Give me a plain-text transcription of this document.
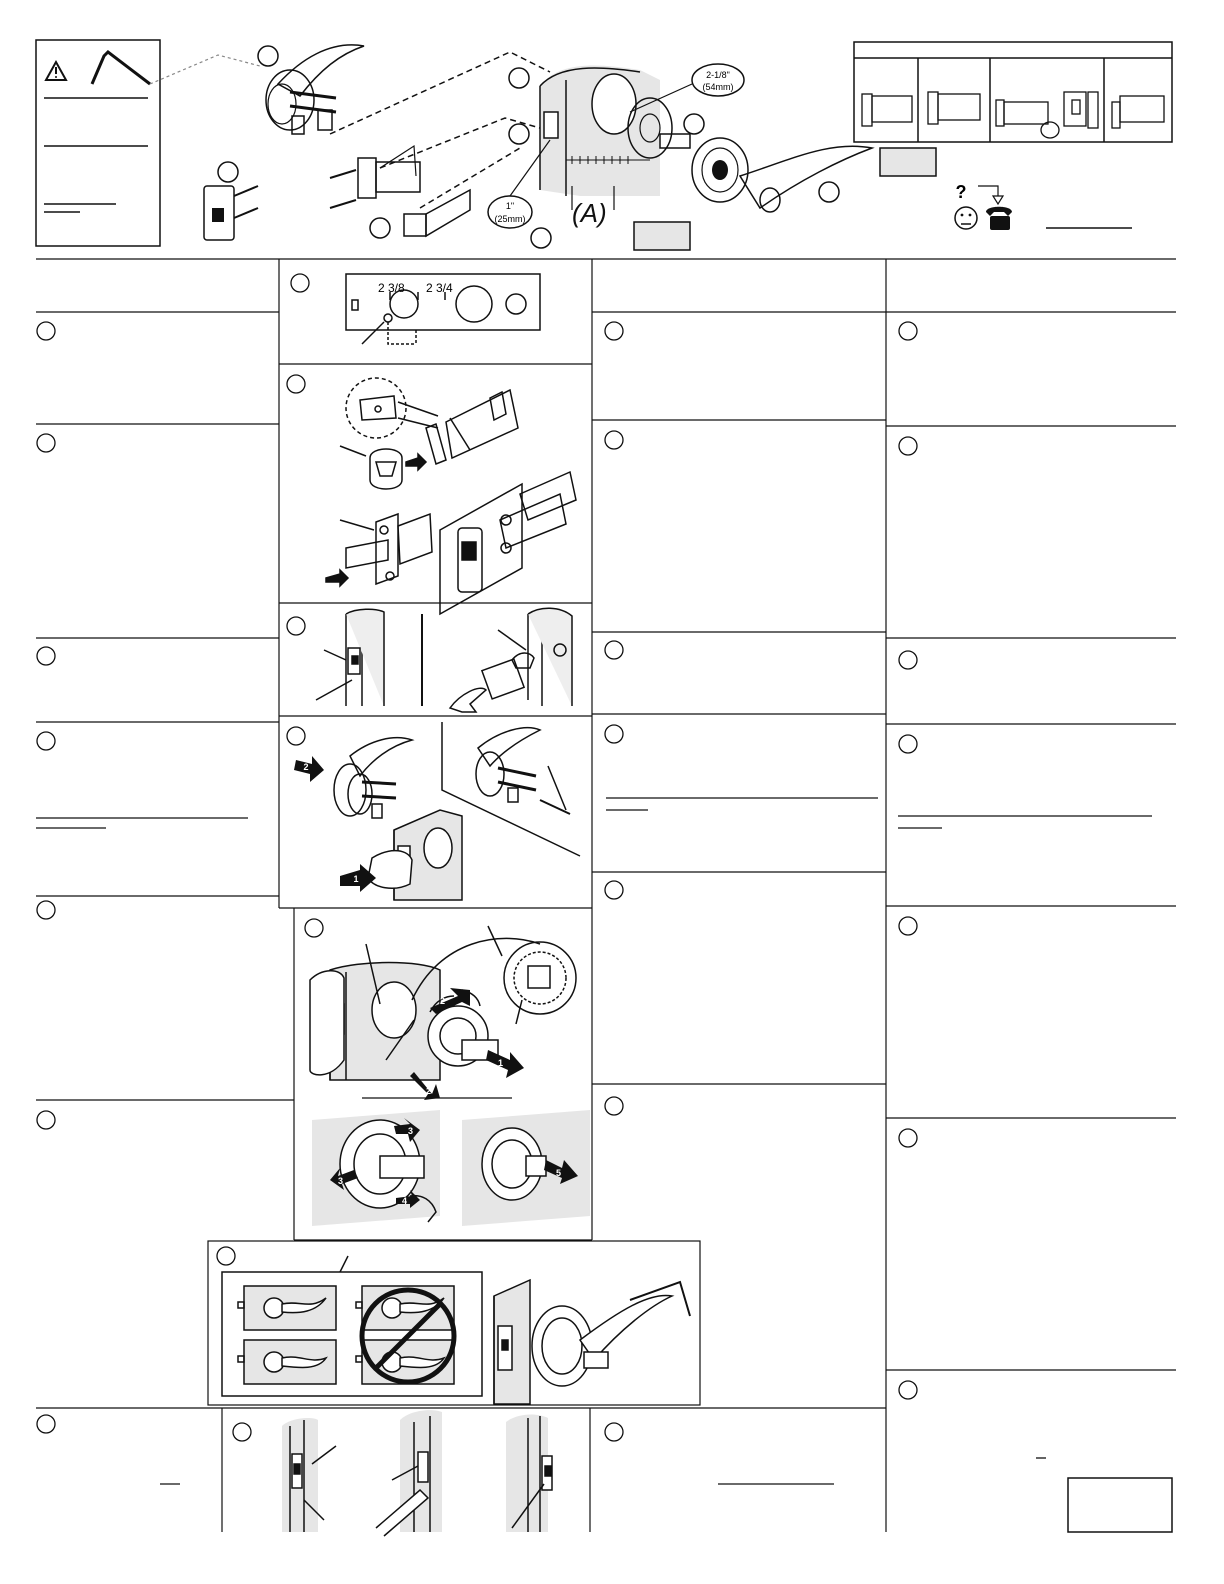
(A)
2-1/8"
(54mm)
1"
(25mm)
?
2 3/8 2 3/4
2
1
1
2
2
3
3
4
5
